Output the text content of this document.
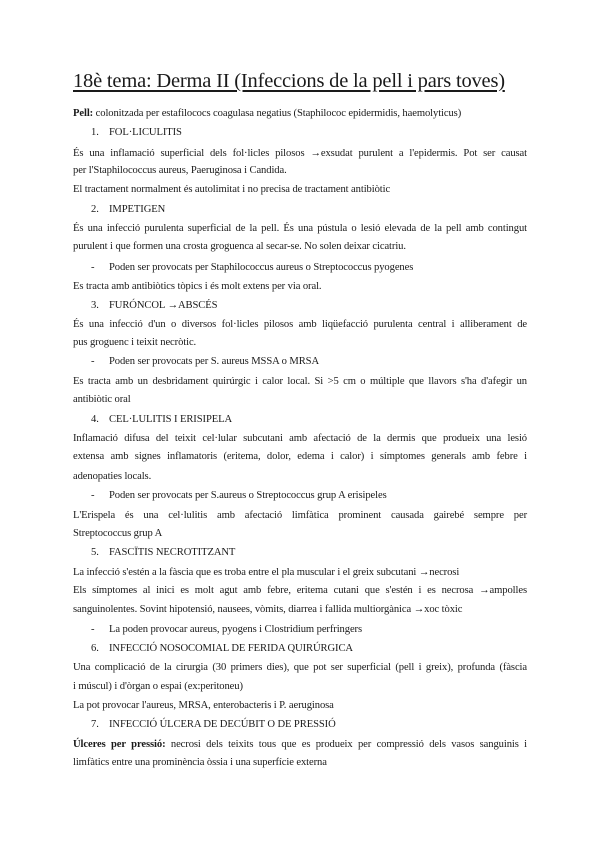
18è tema: Derma II (Infeccions de la pell i pars toves)
Pell: colonitzada per estafilococs coagulasa negatius (Staphilococ epidermidis, haemolyticus)
1. FOL·LICULITIS
És una inflamació superficial dels fol·licles pilosos →exsudat purulent a l'epidermis. Pot ser causat
per l'Staphilococcus aureus, Paeruginosa i Candida.
El tractament normalment és autolimitat i no precisa de tractament antibiòtic
2. IMPETIGEN
És una infecció purulenta superficial de la pell. És una pústula o lesió elevada de la pell amb contingut
purulent i que formen una crosta groguenca al secar-se. No solen deixar cicatriu.
- Poden ser provocats per Staphilococcus aureus o Streptococcus pyogenes
Es tracta amb antibiòtics tòpics i és molt extens per via oral.
3. FURÓNCOL →ABSCÉS
És una infecció d'un o diversos fol·licles pilosos amb liqüefacció purulenta central i alliberament de
pus groguenc i teixit necròtic.
- Poden ser provocats per S. aureus MSSA o MRSA
Es tracta amb un desbridament quirúrgic i calor local. Si >5 cm o múltiple que llavors s'ha d'afegir un
antibiòtic oral
4. CEL·LULITIS I ERISIPELA
Inflamació difusa del teixit cel·lular subcutani amb afectació de la dermis que produeix una lesió
extensa amb signes inflamatoris (eritema, dolor, edema i calor) i símptomes generals amb febre i
adenopaties locals.
- Poden ser provocats per S.aureus o Streptococcus grup A erisipeles
L'Erispela és una cel·lulitis amb afectació limfàtica prominent causada gairebé sempre per
Streptococcus grup A
5. FASCÏTIS NECROTITZANT
La infecció s'estén a la fàscia que es troba entre el pla muscular i el greix subcutani →necrosi
Els símptomes al inici es molt agut amb febre, eritema cutani que s'estén i es necrosa →ampolles
sanguinolentes. Sovint hipotensió, nausees, vòmits, diarrea i fallida multiorgànica →xoc tòxic
- La poden provocar aureus, pyogens i Clostridium perfringers
6. INFECCIÓ NOSOCOMIAL DE FERIDA QUIRÚRGICA
Una complicació de la cirurgia (30 primers dies), que pot ser superficial (pell i greix), profunda (fàscia
i múscul) i d'òrgan o espai (ex:peritoneu)
La pot provocar l'aureus, MRSA, enterobacteris i P. aeruginosa
7. INFECCIÓ ÚLCERA DE DECÚBIT O DE PRESSIÓ
Úlceres per pressió: necrosi dels teixits tous que es produeix per compressió dels vasos sanguinis i
limfàtics entre una prominència òssia i una superfície externa
